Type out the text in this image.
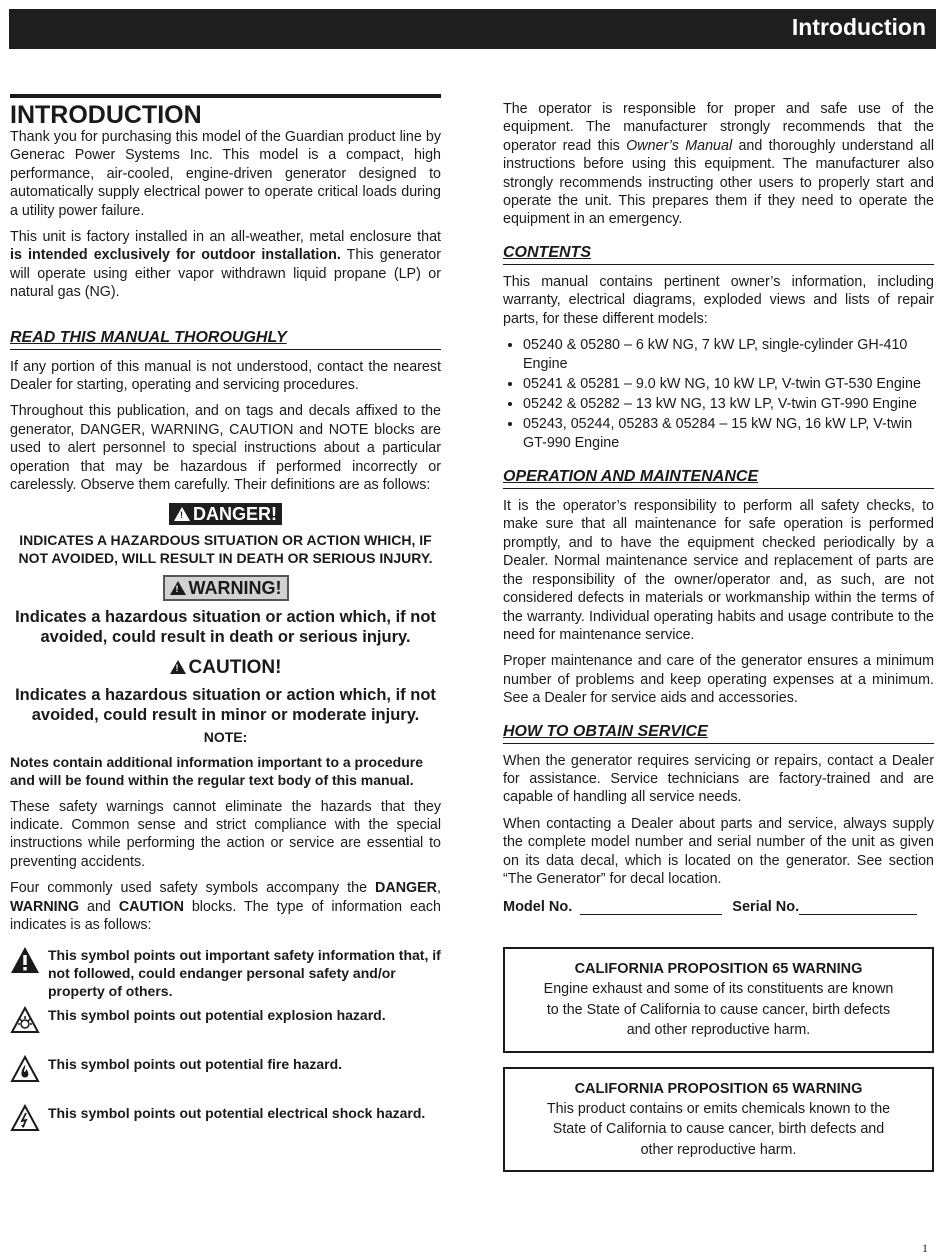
Introduction
INTRODUCTION

Thank you for purchasing this model of the Guardian product line by Generac Power Systems Inc. This model is a compact, high performance, air-cooled, engine-driven generator designed to automatically supply electrical power to operate critical loads during a utility power failure.

This unit is factory installed in an all-weather, metal enclosure that is intended exclusively for outdoor installation. This generator will operate using either vapor withdrawn liquid propane (LP) or natural gas (NG).

READ THIS MANUAL THOROUGHLY

If any portion of this manual is not understood, contact the nearest Dealer for starting, operating and servicing procedures.

Throughout this publication, and on tags and decals affixed to the generator, DANGER, WARNING, CAUTION and NOTE blocks are used to alert personnel to special instructions about a particular operation that may be hazardous if performed incorrectly or carelessly. Observe them carefully. Their definitions are as follows:

! DANGER!
INDICATES A HAZARDOUS SITUATION OR ACTION WHICH, IF NOT AVOIDED, WILL RESULT IN DEATH OR SERIOUS INJURY.
! WARNING!
Indicates a hazardous situation or action which, if not avoided, could result in death or serious injury.
! CAUTION!
Indicates a hazardous situation or action which, if not avoided, could result in minor or moderate injury.
NOTE:
Notes contain additional information important to a procedure and will be found within the regular text body of this manual.

These safety warnings cannot eliminate the hazards that they indicate. Common sense and strict compliance with the special instructions while performing the action or service are essential to preventing accidents.

Four commonly used safety symbols accompany the DANGER, WARNING and CAUTION blocks. The type of information each indicates is as follows:

This symbol points out important safety information that, if not followed, could endanger personal safety and/or property of others.
This symbol points out potential explosion hazard.
This symbol points out potential fire hazard.
This symbol points out potential electrical shock hazard.

The operator is responsible for proper and safe use of the equipment. The manufacturer strongly recommends that the operator read this Owner’s Manual and thoroughly understand all instructions before using this equipment. The manufacturer also strongly recommends instructing other users to properly start and operate the unit. This prepares them if they need to operate the equipment in an emergency.

CONTENTS

This manual contains pertinent owner’s information, including warranty, electrical diagrams, exploded views and lists of repair parts, for these different models:

• 05240 & 05280 – 6 kW NG, 7 kW LP, single-cylinder GH-410 Engine
• 05241 & 05281 – 9.0 kW NG, 10 kW LP, V-twin GT-530 Engine
• 05242 & 05282 – 13 kW NG, 13 kW LP, V-twin GT-990 Engine
• 05243, 05244, 05283 & 05284 – 15 kW NG, 16 kW LP, V-twin GT-990 Engine
OPERATION AND MAINTENANCE

It is the operator’s responsibility to perform all safety checks, to make sure that all maintenance for safe operation is performed promptly, and to have the equipment checked periodically by a Dealer. Normal maintenance service and replacement of parts are the responsibility of the owner/operator and, as such, are not considered defects in materials or workmanship within the terms of the warranty. Individual operating habits and usage contribute to the need for maintenance service.

Proper maintenance and care of the generator ensures a minimum number of problems and keep operating expenses at a minimum. See a Dealer for service aids and accessories.

HOW TO OBTAIN SERVICE

When the generator requires servicing or repairs, contact a Dealer for assistance. Service technicians are factory-trained and are capable of handling all service needs.

When contacting a Dealer about parts and service, always supply the complete model number and serial number of the unit as given on its data decal, which is located on the generator. See section “The Generator” for decal location.

Model No.	Serial No.
CALIFORNIA PROPOSITION 65 WARNING
Engine exhaust and some of its constituents are known
to the State of California to cause cancer, birth defects
and other reproductive harm.
CALIFORNIA PROPOSITION 65 WARNING
This product contains or emits chemicals known to the
State of California to cause cancer, birth defects and
other reproductive harm.
1
